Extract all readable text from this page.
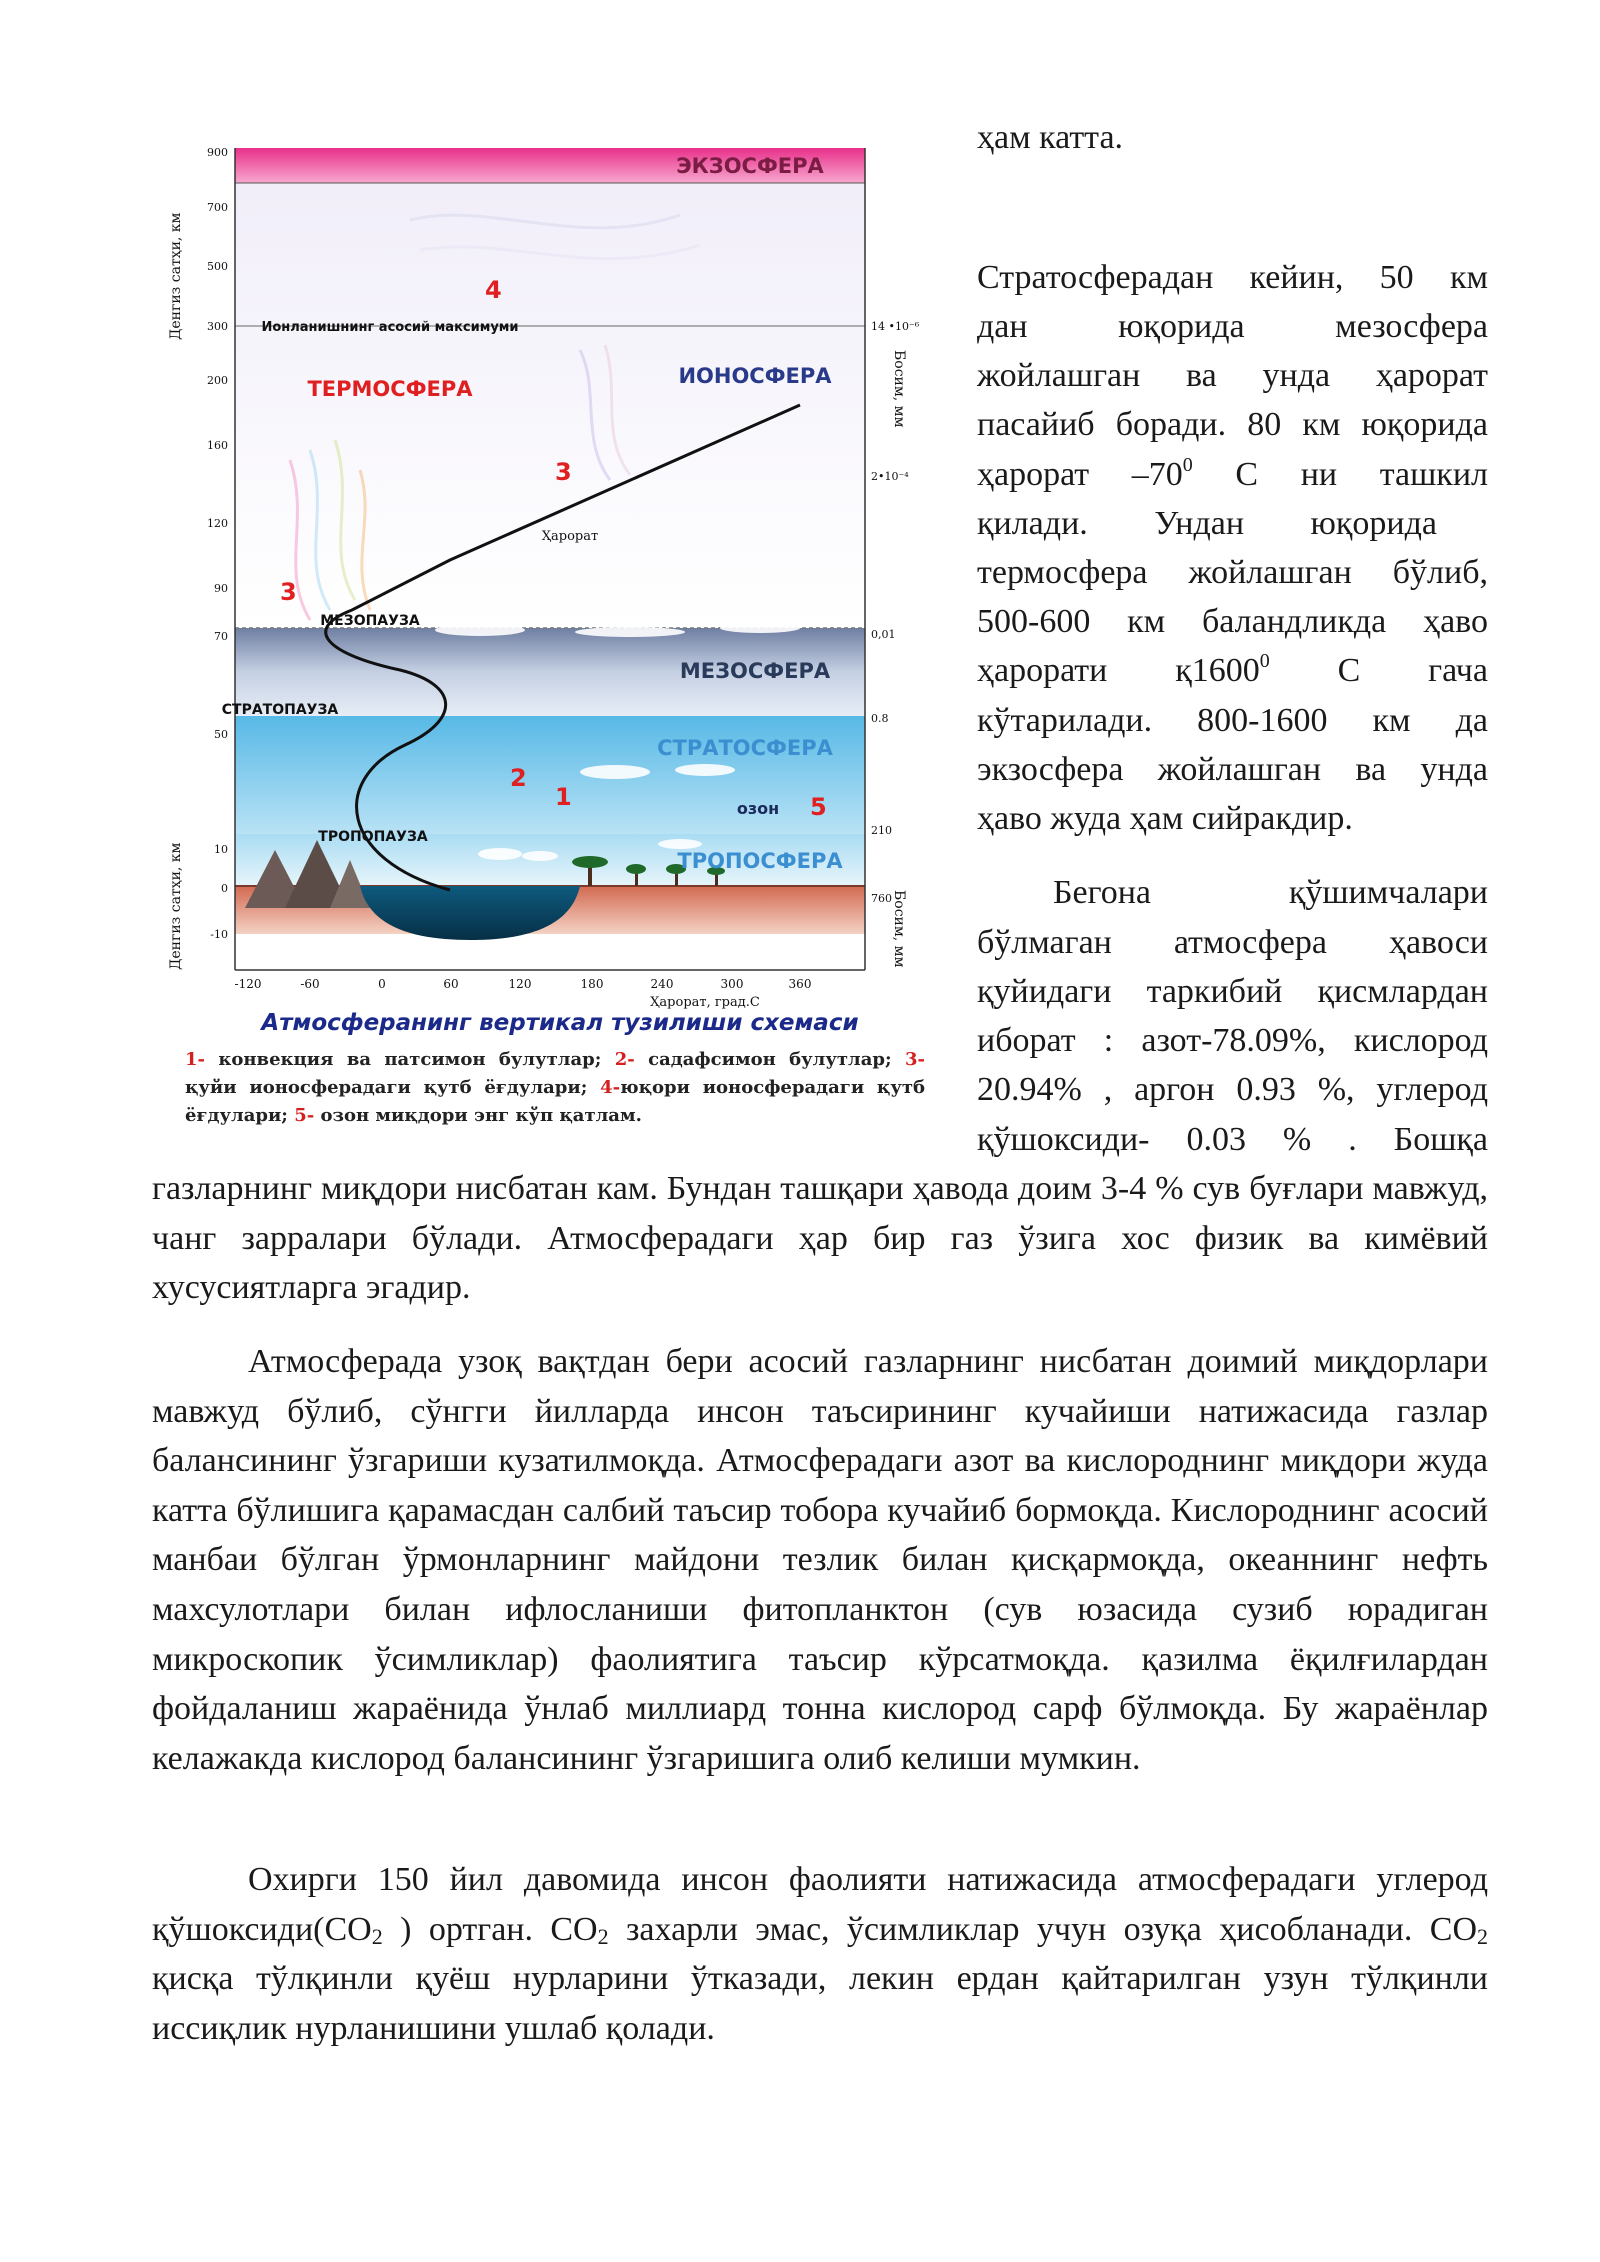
ЭКЗОСФЕРА
ИОНОСФЕРА
ТЕРМОСФЕРА
МЕЗОПАУЗА
МЕЗОСФЕРА
СТРАТОПАУЗА
СТРАТОСФЕРА
озон
ТРОПОПАУЗА
ТРОПОСФЕРА
Ионланишнинг асосий максимуми
Ҳарорат
1
2
3
3
4
5
900
700
500
300
200
160
120
90
70
50
10
0
-10
14 •10⁻⁶
2•10⁻⁴
0,01
0.8
210
760
Денгиз сатҳи, км
Денгиз сатҳи, км
Босим, мм
Босим, мм
-120	-60	0	60	120	180	240	300	360
Ҳарорат, град.С
Атмосферанинг вертикал тузилиши схемаси
1- конвекция ва патсимон булутлар; 2- садафсимон булутлар; 3- қуйи ионосферадаги қутб ёғдулари; 4-юқори ионосферадаги қутб ёғдулари; 5- озон миқдори энг кўп қатлам.

ҳам катта.

Стратосферадан кейин, 50 км

дан юқорида мезосфера

жойлашган ва унда ҳарорат

пасайиб боради. 80 км юқорида

ҳарорат $-70^0$ С ни ташкил

қилади. Ундан юқорида

термосфера жойлашган бўлиб,

500-600 км баландликда ҳаво

ҳарорати қ1600$^0$ С гача

кўтарилади. 800-1600 км да

экзосфера жойлашган ва унда

ҳаво жуда ҳам сийракдир.

Бегона қўшимчалари

бўлмаган атмосфера ҳавоси

қуйидаги таркибий қисмлардан

иборат : азот-78.09%, кислород

20.94% , аргон 0.93 %, углерод

қўшоксиди- 0.03 % . Бошқа

газларнинг миқдори нисбатан кам. Бундан ташқари ҳавода доим 3-4 % сув буғлари мавжуд, чанг зарралари бўлади. Атмосферадаги ҳар бир газ ўзига хос физик ва кимёвий хусусиятларга эгадир.

Атмосферада узоқ вақтдан бери асосий газларнинг нисбатан доимий миқдорлари мавжуд бўлиб, сўнгги йилларда инсон таъсирининг кучайиши натижасида газлар балансининг ўзгариши кузатилмоқда. Атмосферадаги азот ва кислороднинг миқдори жуда катта бўлишига қарамасдан салбий таъсир тобора кучайиб бормоқда. Кислороднинг асосий манбаи бўлган ўрмонларнинг майдони тезлик билан қисқармоқда, океаннинг нефть махсулотлари билан ифлосланиши фитопланктон (сув юзасида сузиб юрадиган микроскопик ўсимликлар) фаолиятига таъсир кўрсатмоқда. қазилма ёқилғилардан фойдаланиш жараёнида ўнлаб миллиард тонна кислород сарф бўлмоқда. Бу жараёнлар келажакда кислород балансининг ўзгаришига олиб келиши мумкин.

Охирги 150 йил давомида инсон фаолияти натижасида атмосферадаги углерод $қўшоксиди(CO_2$ ) ортган. $CO_2$ захарли эмас, ўсимликлар учун озуқа ҳисобланади. $CO_2$ қисқа тўлқинли қуёш нурларини ўтказади, лекин ердан қайтарилган узун тўлқинли иссиқлик нурланишини ушлаб қолади.
